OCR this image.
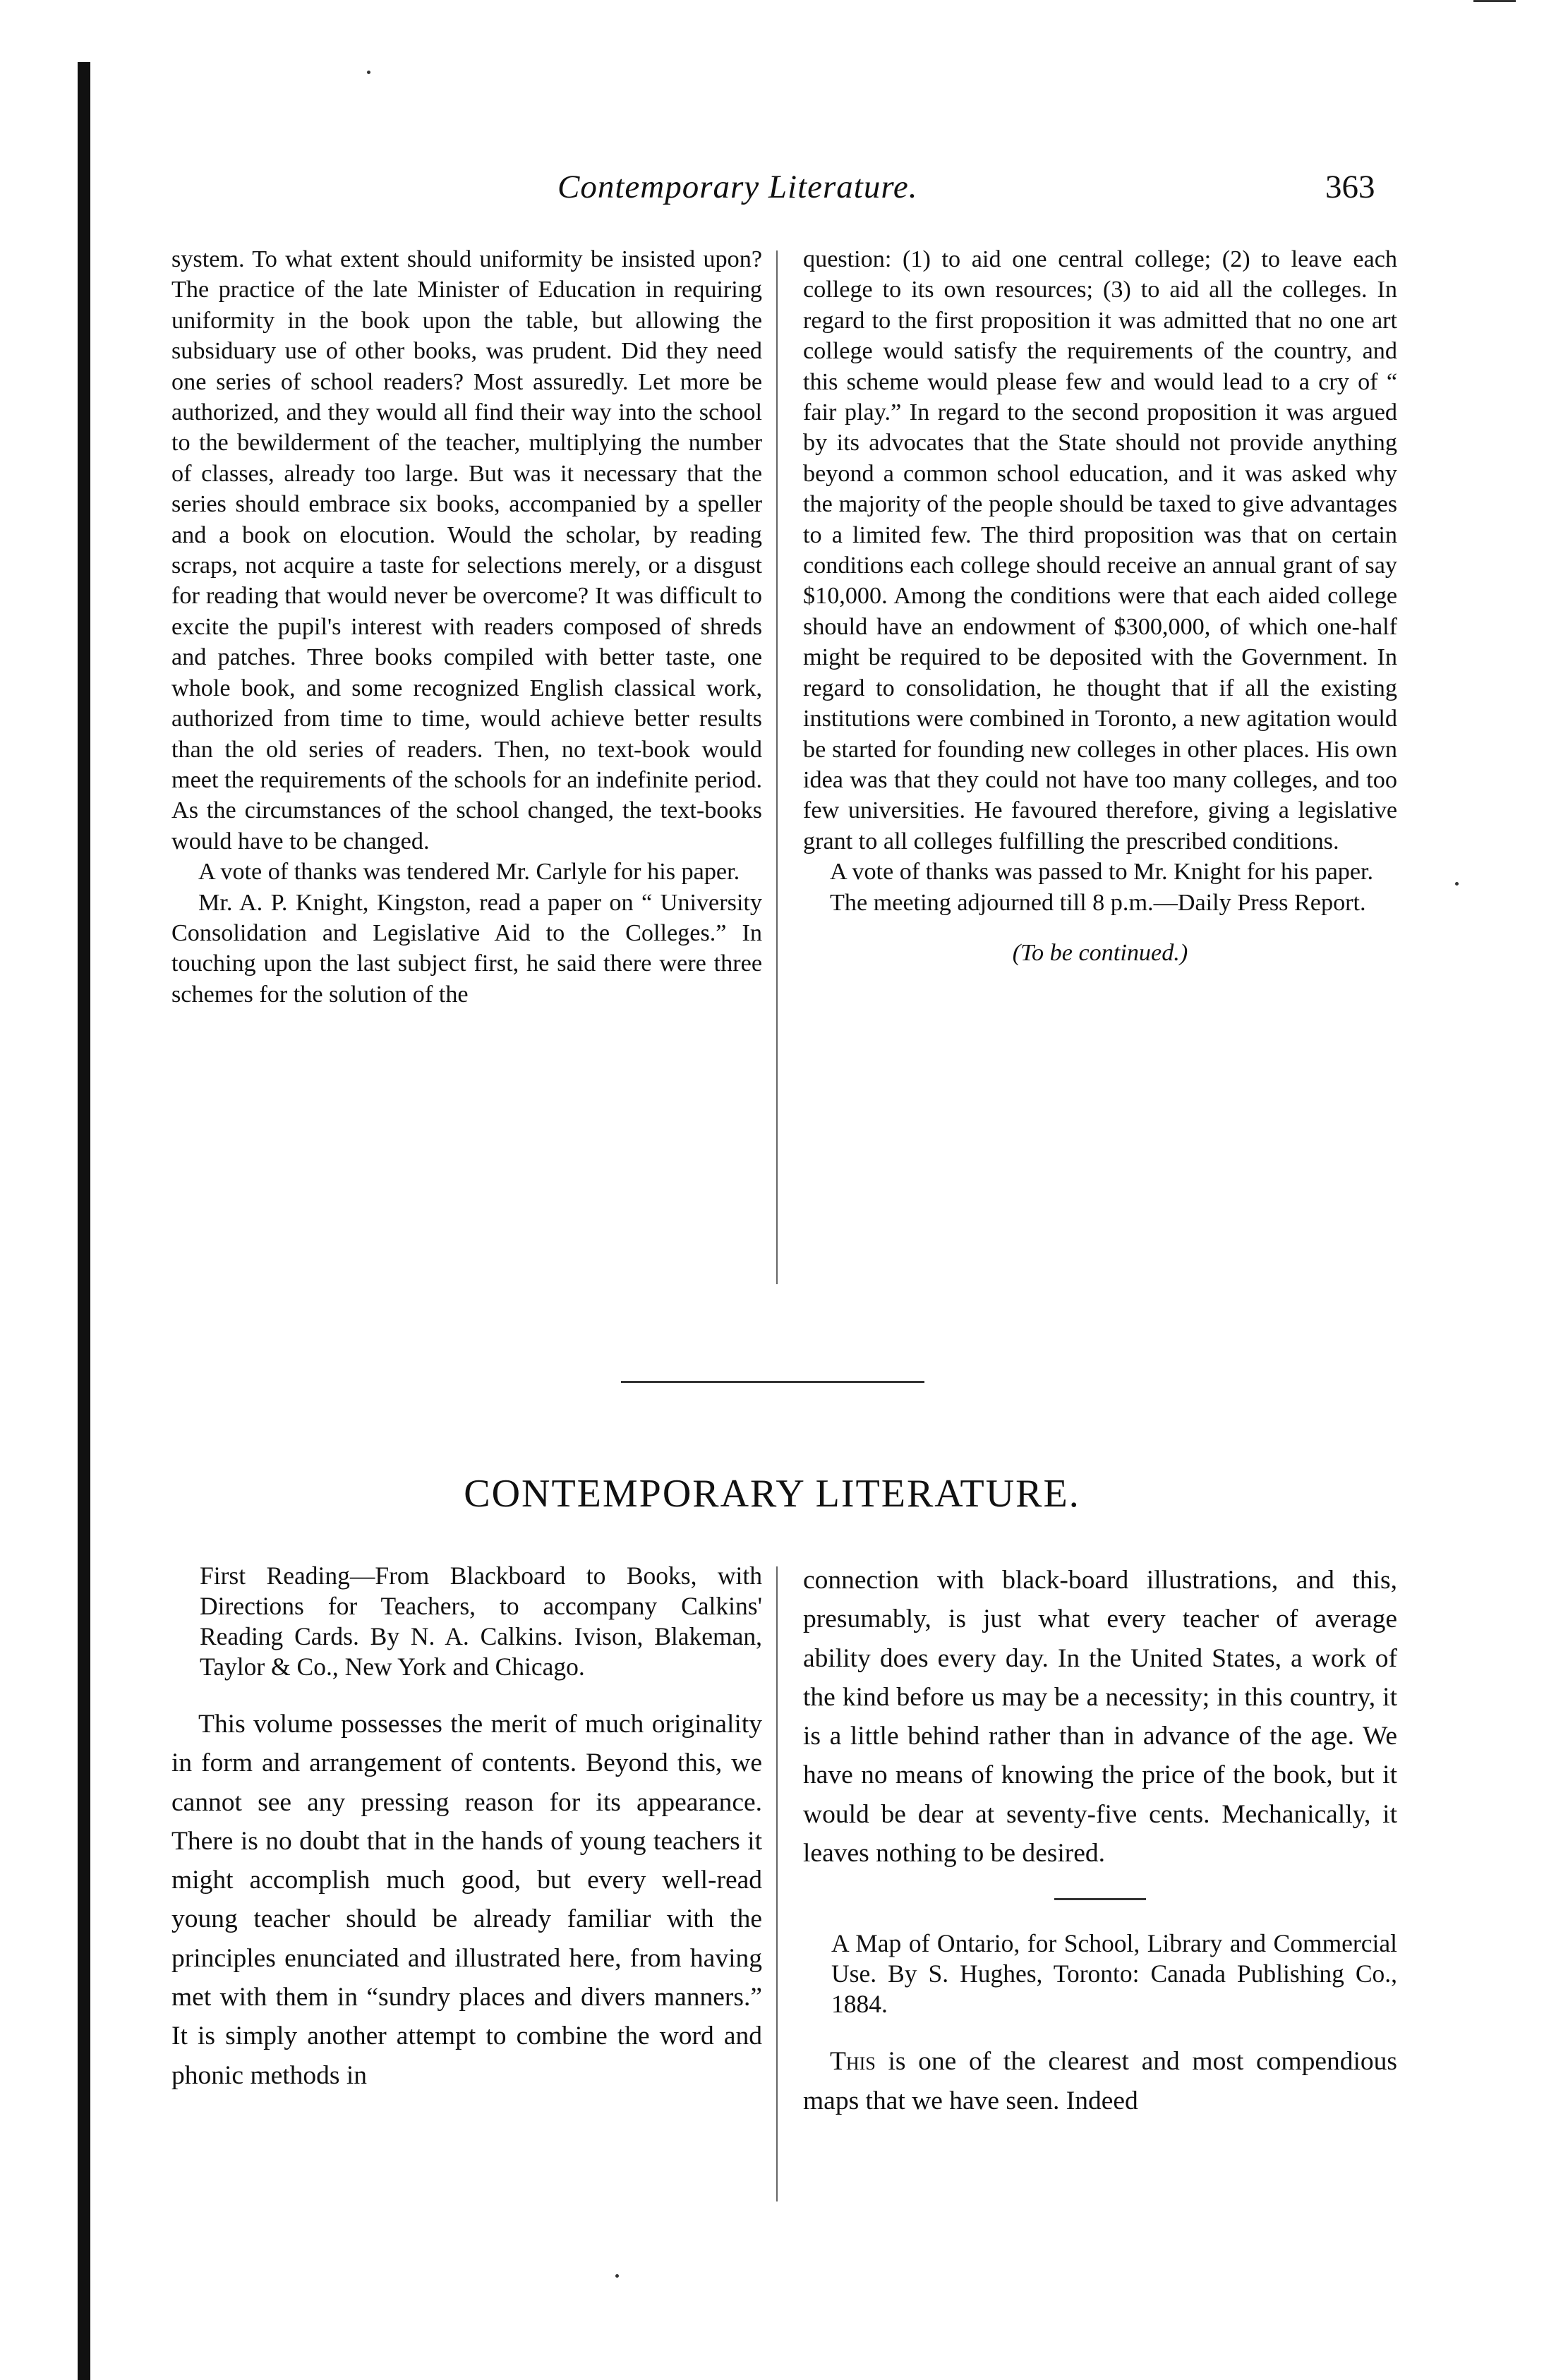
Contemporary Literature.	363

system. To what extent should uniformity be insisted upon? The practice of the late Minister of Education in requiring uniformity in the book upon the table, but allowing the subsiduary use of other books, was prudent. Did they need one series of school readers? Most assuredly. Let more be authorized, and they would all find their way into the school to the bewilderment of the teacher, multiplying the number of classes, already too large. But was it necessary that the series should embrace six books, accompanied by a speller and a book on elocution. Would the scholar, by reading scraps, not acquire a taste for selections merely, or a disgust for reading that would never be overcome? It was difficult to excite the pupil's interest with readers composed of shreds and patches. Three books compiled with better taste, one whole book, and some recognized English classical work, authorized from time to time, would achieve better results than the old series of readers. Then, no text-book would meet the requirements of the schools for an indefinite period. As the circumstances of the school changed, the text-books would have to be changed.

A vote of thanks was tendered Mr. Carlyle for his paper.

Mr. A. P. Knight, Kingston, read a paper on “ University Consolidation and Legislative Aid to the Colleges.” In touching upon the last subject first, he said there were three schemes for the solution of the

question: (1) to aid one central college; (2) to leave each college to its own resources; (3) to aid all the colleges. In regard to the first proposition it was admitted that no one art college would satisfy the requirements of the country, and this scheme would please few and would lead to a cry of “ fair play.” In regard to the second proposition it was argued by its advocates that the State should not provide anything beyond a common school education, and it was asked why the majority of the people should be taxed to give advantages to a limited few. The third proposition was that on certain conditions each college should receive an annual grant of say $10,000. Among the conditions were that each aided college should have an endowment of $300,000, of which one-half might be required to be deposited with the Government. In regard to consolidation, he thought that if all the existing institutions were combined in Toronto, a new agitation would be started for founding new colleges in other places. His own idea was that they could not have too many colleges, and too few universities. He favoured therefore, giving a legislative grant to all colleges fulfilling the prescribed conditions.

A vote of thanks was passed to Mr. Knight for his paper.

The meeting adjourned till 8 p.m.—Daily Press Report.

(To be continued.)
CONTEMPORARY LITERATURE.

First Reading—From Blackboard to Books, with Directions for Teachers, to accompany Calkins' Reading Cards. By N. A. Calkins. Ivison, Blakeman, Taylor & Co., New York and Chicago.

This volume possesses the merit of much originality in form and arrangement of contents. Beyond this, we cannot see any pressing reason for its appearance. There is no doubt that in the hands of young teachers it might accomplish much good, but every well-read young teacher should be already familiar with the principles enunciated and illustrated here, from having met with them in “sundry places and divers manners.” It is simply another attempt to combine the word and phonic methods in

connection with black-board illustrations, and this, presumably, is just what every teacher of average ability does every day. In the United States, a work of the kind before us may be a necessity; in this country, it is a little behind rather than in advance of the age. We have no means of knowing the price of the book, but it would be dear at seventy-five cents. Mechanically, it leaves nothing to be desired.

A Map of Ontario, for School, Library and Commercial Use. By S. Hughes, Toronto: Canada Publishing Co., 1884.

This is one of the clearest and most compendious maps that we have seen. Indeed
